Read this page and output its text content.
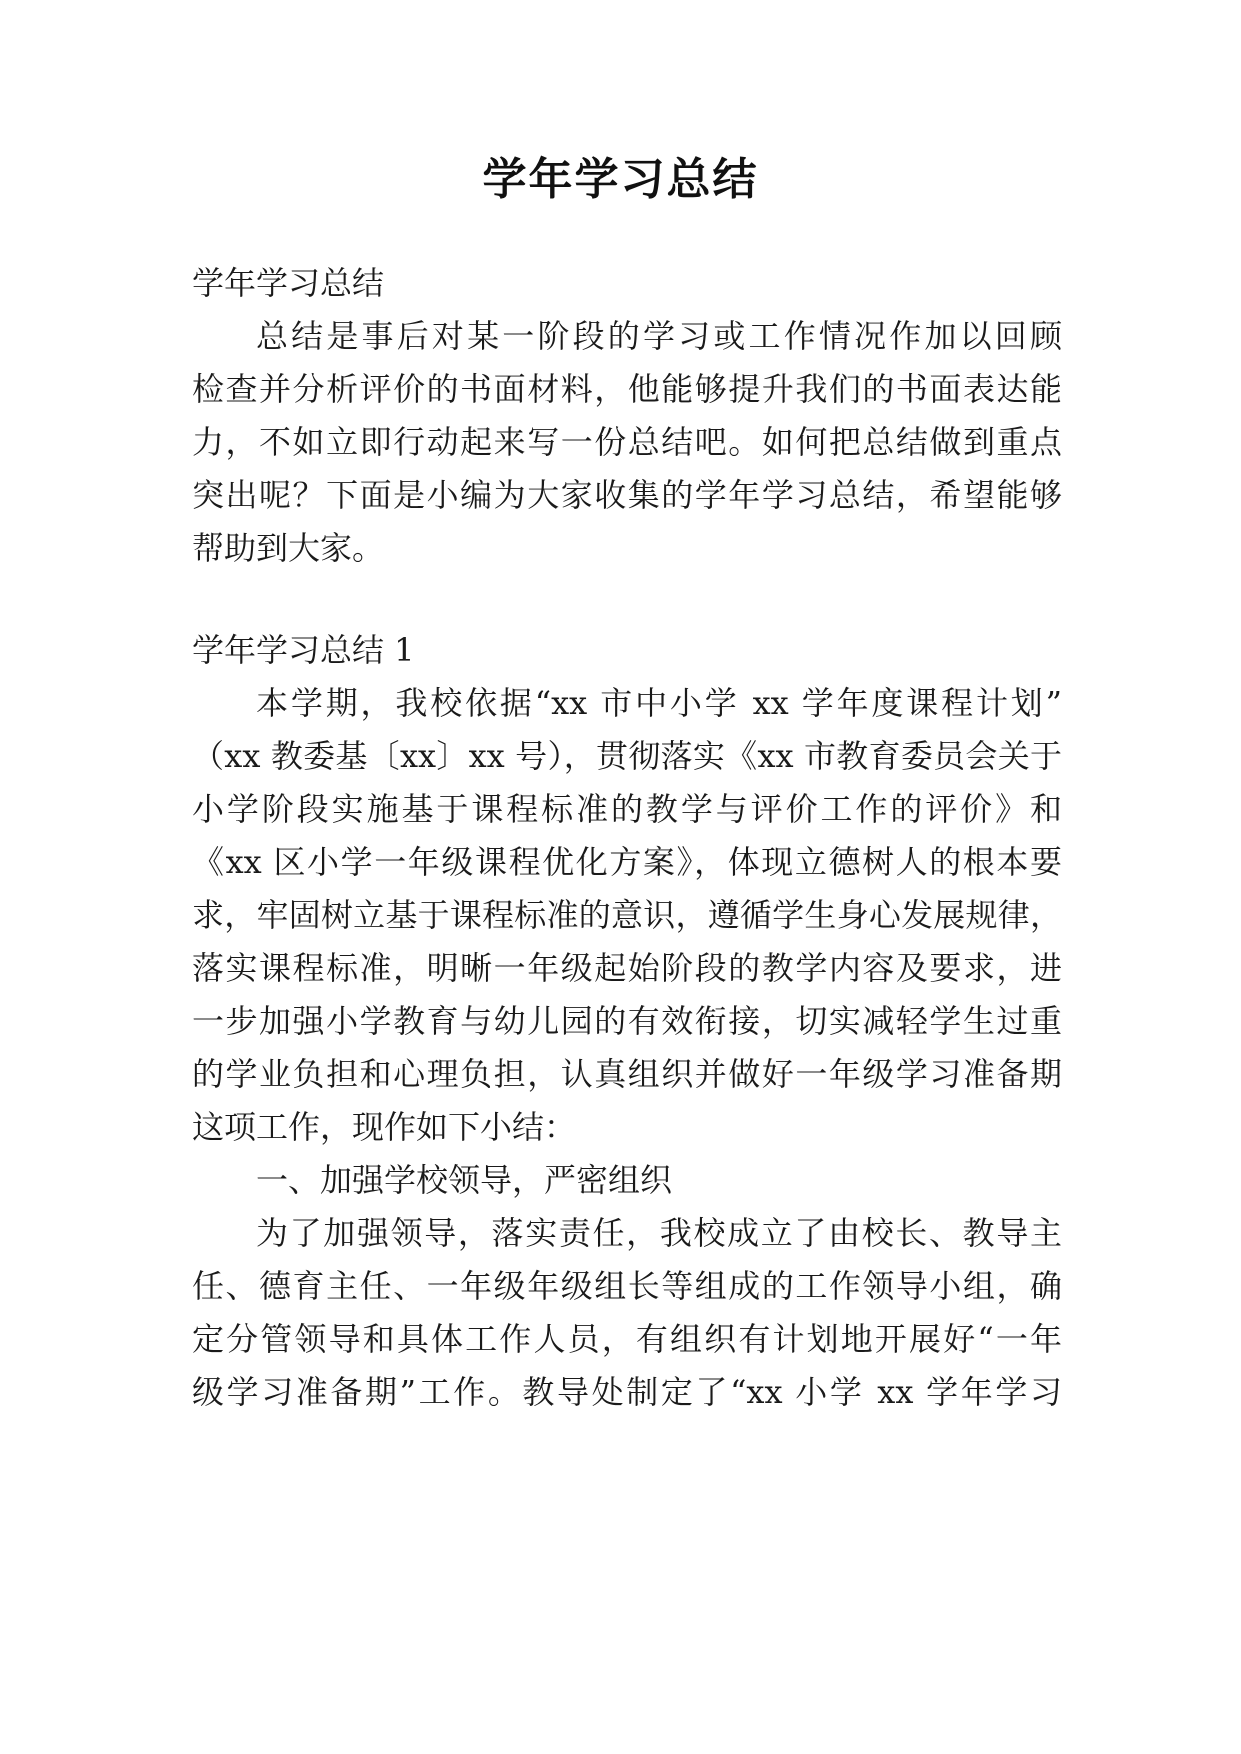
学年学习总结
学年学习总结
总结是事后对某一阶段的学习或工作情况作加以回顾
检查并分析评价的书面材料，他能够提升我们的书面表达能
力，不如立即行动起来写一份总结吧。如何把总结做到重点
突出呢？下面是小编为大家收集的学年学习总结，希望能够
帮助到大家。
学年学习总结 1
本学期，我校依据“xx 市中小学 xx 学年度课程计划”
（xx 教委基〔xx〕xx 号），贯彻落实《xx 市教育委员会关于
小学阶段实施基于课程标准的教学与评价工作的评价》和
《xx 区小学一年级课程优化方案》，体现立德树人的根本要
求，牢固树立基于课程标准的意识，遵循学生身心发展规律，
落实课程标准，明晰一年级起始阶段的教学内容及要求，进
一步加强小学教育与幼儿园的有效衔接，切实减轻学生过重
的学业负担和心理负担，认真组织并做好一年级学习准备期
这项工作，现作如下小结：
一、加强学校领导，严密组织
为了加强领导，落实责任，我校成立了由校长、教导主
任、德育主任、一年级年级组长等组成的工作领导小组，确
定分管领导和具体工作人员，有组织有计划地开展好“一年
级学习准备期”工作。教导处制定了“xx 小学 xx 学年学习
